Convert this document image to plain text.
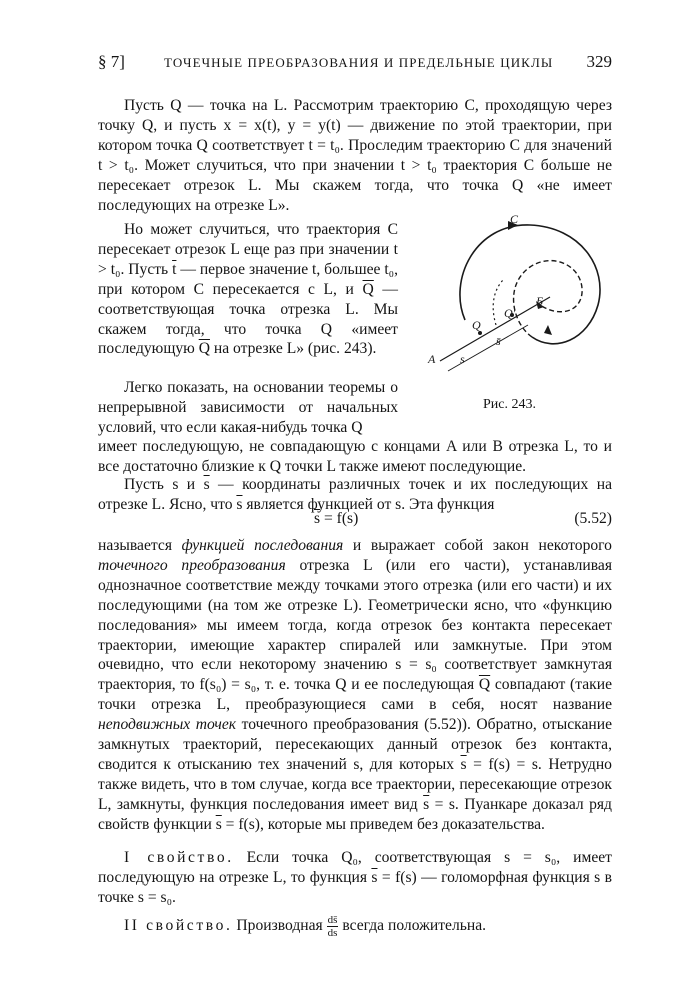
§ 7]	ТОЧЕЧНЫЕ ПРЕОБРАЗОВАНИЯ И ПРЕДЕЛЬНЫЕ ЦИКЛЫ 329

Пусть Q — точка на L. Рассмотрим траекторию C, проходящую через точку Q, и пусть x = x(t), y = y(t) — движение по этой траектории, при котором точка Q соответствует t = t₀. Проследим траекторию C для значений t > t₀. Может случиться, что при значении t > t₀ траектория C больше не пересекает отрезок L. Мы скажем тогда, что точка Q «не имеет последующих на отрезке L».

Но может случиться, что траектория C пересекает отрезок L еще раз при значении t > t₀. Пусть $\overline{t}$ — первое значение t, большее t₀, при котором C пересекается с L, и $\overline{Q}$ — соответствующая точка отрезка L. Мы скажем тогда, что точка Q «имеет последующую $\overline{Q}$ на отрезке L» (рис. 243).

Легко показать, на основании теоремы о непрерывной зависимости от начальных условий, что если какая-нибудь точка Q

имеет последующую, не совпадающую с концами A или B отрезка L, то и все достаточно близкие к Q точки L также имеют последующие.

Пусть s и $\overline{s}$ — координаты различных точек и их последующих на отрезке L. Ясно, что $\overline{s}$ является функцией от s. Эта функция

$\overline{s} = f(s)$	(5.52)

называется функцией последования и выражает собой закон некоторого точечного преобразования отрезка L (или его части), устанавливая однозначное соответствие между точками этого отрезка (или его части) и их последующими (на том же отрезке L). Геометрически ясно, что «функцию последования» мы имеем тогда, когда отрезок без контакта пересекает траектории, имеющие характер спиралей или замкнутые. При этом очевидно, что если некоторому значению s = s₀ соответствует замкнутая траектория, то f(s₀) = s₀, т. е. точка Q и ее последующая $\overline{Q}$ совпадают (такие точки отрезка L, преобразующиеся сами в себя, носят название неподвижных точек точечного преобразования (5.52)). Обратно, отыскание замкнутых траекторий, пересекающих данный отрезок без контакта, сводится к отысканию тех значений s, для которых $\overline{s} = f(s) = s$. Нетрудно также видеть, что в том случае, когда все траектории, пересекающие отрезок L, замкнуты, функция последования имеет вид $\overline{s} = s$. Пуанкаре доказал ряд свойств функции $\overline{s} = f(s)$, которые мы приведем без доказательства.

I свойство. Если точка Q₀, соответствующая s = s₀, имеет последующую на отрезке L, то функция $\overline{s} = f(s)$ — голоморфная функция s в точке s = s₀.

II свойство. Производная $\frac{ds̄}{ds}$ всегда положительна.

C
A
Б
Q
Q′
s
s̄
Рис. 243.
